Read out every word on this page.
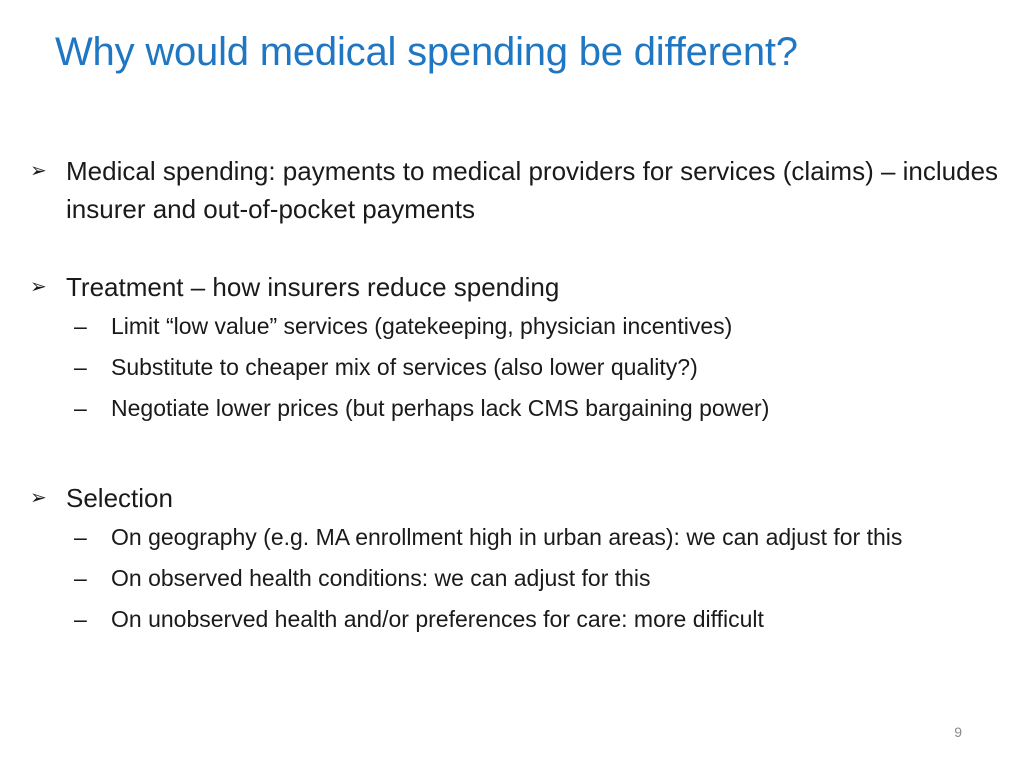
Why would medical spending be different?
➢ Medical spending: payments to medical providers for services (claims) – includes insurer and out-of-pocket payments
➢ Treatment – how insurers reduce spending
–	Limit “low value” services (gatekeeping, physician incentives)
–	Substitute to cheaper mix of services (also lower quality?)
–	Negotiate lower prices (but perhaps lack CMS bargaining power)
➢ Selection
–	On geography (e.g. MA enrollment high in urban areas): we can adjust for this
–	On observed health conditions: we can adjust for this
–	On unobserved health and/or preferences for care: more difficult
9
